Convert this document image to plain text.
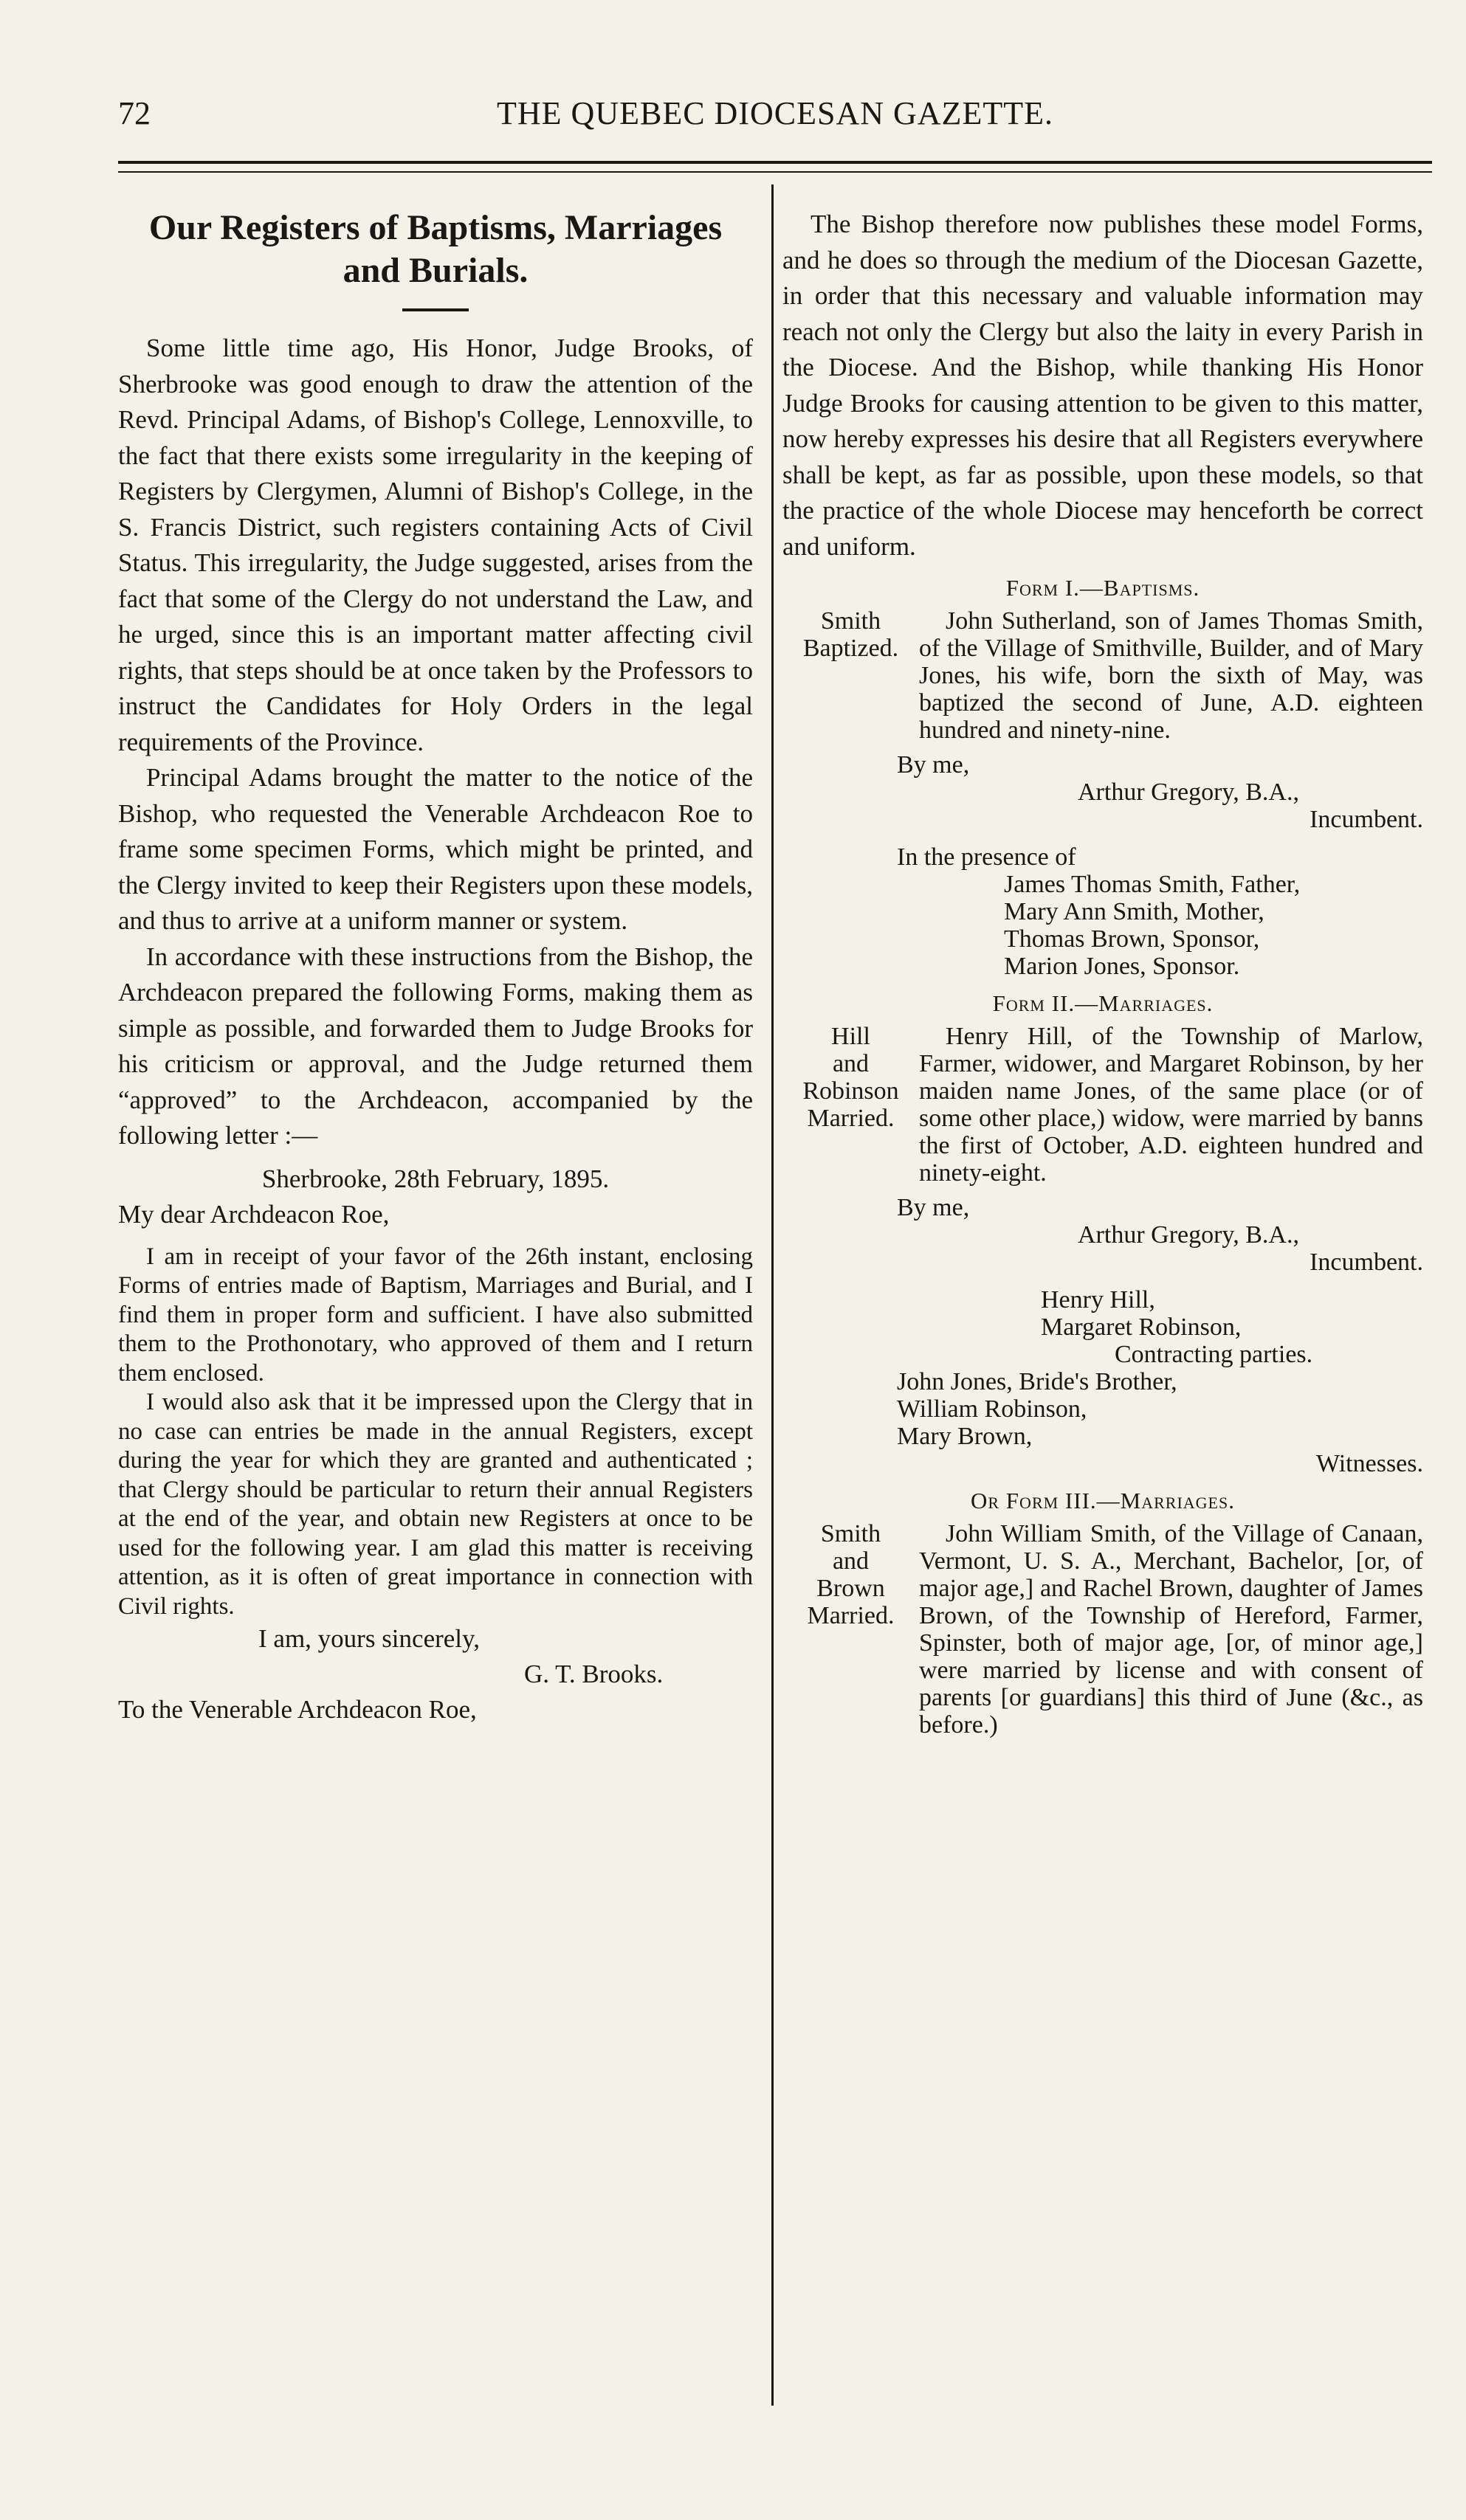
72	THE QUEBEC DIOCESAN GAZETTE.
Our Registers of Baptisms, Marriages and Burials.

Some little time ago, His Honor, Judge Brooks, of Sherbrooke was good enough to draw the attention of the Revd. Principal Adams, of Bishop's College, Lennoxville, to the fact that there exists some irregularity in the keeping of Registers by Clergymen, Alumni of Bishop's College, in the S. Francis District, such registers containing Acts of Civil Status. This irregularity, the Judge suggested, arises from the fact that some of the Clergy do not understand the Law, and he urged, since this is an important matter affecting civil rights, that steps should be at once taken by the Professors to instruct the Candidates for Holy Orders in the legal requirements of the Province.

Principal Adams brought the matter to the notice of the Bishop, who requested the Venerable Archdeacon Roe to frame some specimen Forms, which might be printed, and the Clergy invited to keep their Registers upon these models, and thus to arrive at a uniform manner or system.

In accordance with these instructions from the Bishop, the Archdeacon prepared the following Forms, making them as simple as possible, and forwarded them to Judge Brooks for his criticism or approval, and the Judge returned them “approved” to the Archdeacon, accompanied by the following letter :—

Sherbrooke, 28th February, 1895.
My dear Archdeacon Roe,

I am in receipt of your favor of the 26th instant, enclosing Forms of entries made of Baptism, Marriages and Burial, and I find them in proper form and sufficient. I have also submitted them to the Prothonotary, who approved of them and I return them enclosed.

I would also ask that it be impressed upon the Clergy that in no case can entries be made in the annual Registers, except during the year for which they are granted and authenticated ; that Clergy should be particular to return their annual Registers at the end of the year, and obtain new Registers at once to be used for the following year. I am glad this matter is receiving attention, as it is often of great importance in connection with Civil rights.

I am, yours sincerely,
G. T. Brooks.
To the Venerable Archdeacon Roe,

The Bishop therefore now publishes these model Forms, and he does so through the medium of the Diocesan Gazette, in order that this necessary and valuable information may reach not only the Clergy but also the laity in every Parish in the Diocese. And the Bishop, while thanking His Honor Judge Brooks for causing attention to be given to this matter, now hereby expresses his desire that all Registers everywhere shall be kept, as far as possible, upon these models, so that the practice of the whole Diocese may henceforth be correct and uniform.

Form I.—Baptisms.
Smith
Baptized.

John Sutherland, son of James Thomas Smith, of the Village of Smithville, Builder, and of Mary Jones, his wife, born the sixth of May, was baptized the second of June, A.D. eighteen hundred and ninety-nine.

By me,
Arthur Gregory, B.A.,
Incumbent.
In the presence of
James Thomas Smith, Father,
Mary Ann Smith, Mother,
Thomas Brown, Sponsor,
Marion Jones, Sponsor.
Form II.—Marriages.
Hill
and
Robinson
Married.

Henry Hill, of the Township of Marlow, Farmer, widower, and Margaret Robinson, by her maiden name Jones, of the same place (or of some other place,) widow, were married by banns the first of October, A.D. eighteen hundred and ninety-eight.

By me,
Arthur Gregory, B.A.,
Incumbent.
Henry Hill,
Margaret Robinson,
Contracting parties.
John Jones, Bride's Brother,
William Robinson,
Mary Brown,
Witnesses.
Or Form III.—Marriages.
Smith
and
Brown
Married.

John William Smith, of the Village of Canaan, Vermont, U. S. A., Merchant, Bachelor, [or, of major age,] and Rachel Brown, daughter of James Brown, of the Township of Hereford, Farmer, Spinster, both of major age, [or, of minor age,] were married by license and with consent of parents [or guardians] this third of June (&c., as before.)
